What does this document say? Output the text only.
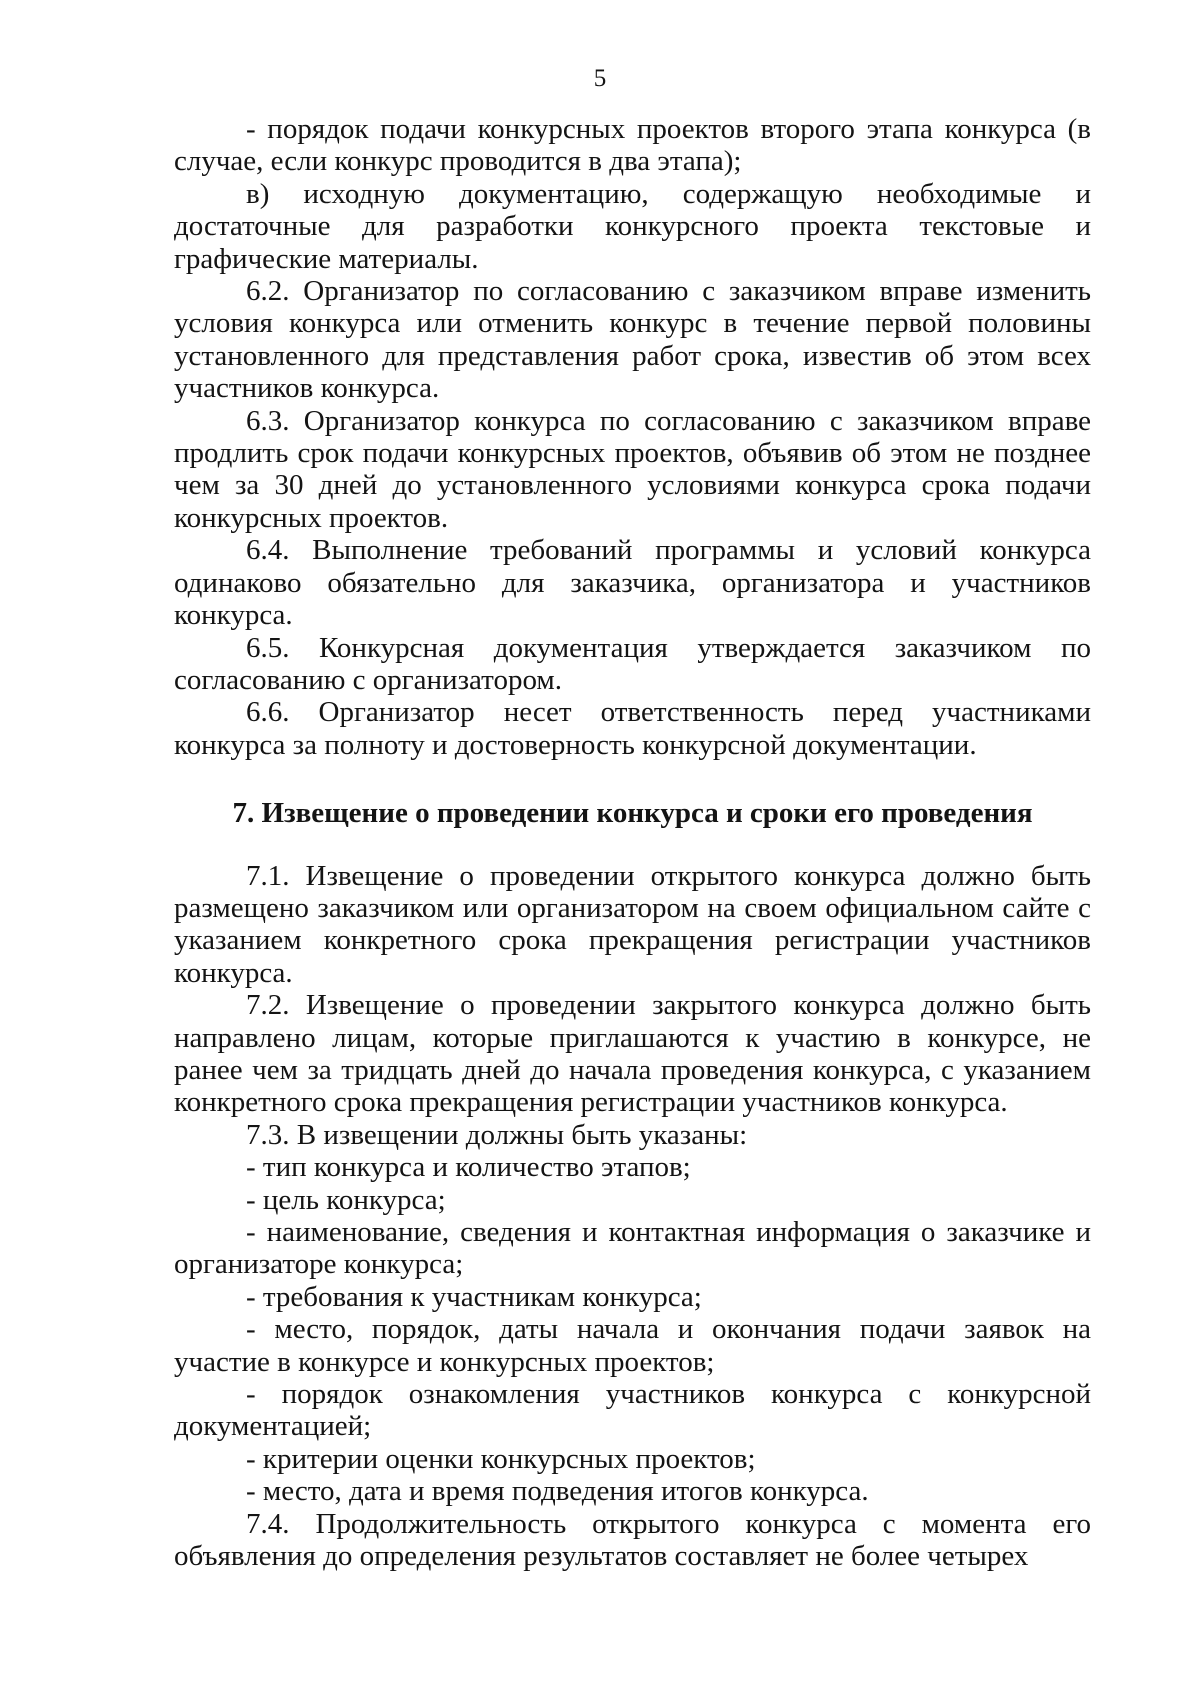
5

- порядок подачи конкурсных проектов второго этапа конкурса (в случае, если конкурс проводится в два этапа);

в) исходную документацию, содержащую необходимые и достаточные для разработки конкурсного проекта текстовые и графические материалы.

6.2. Организатор по согласованию с заказчиком вправе изменить условия конкурса или отменить конкурс в течение первой половины установленного для представления работ срока, известив об этом всех участников конкурса.

6.3. Организатор конкурса по согласованию с заказчиком вправе продлить срок подачи конкурсных проектов, объявив об этом не позднее чем за 30 дней до установленного условиями конкурса срока подачи конкурсных проектов.

6.4. Выполнение требований программы и условий конкурса одинаково обязательно для заказчика, организатора и участников конкурса.

6.5. Конкурсная документация утверждается заказчиком по согласованию с организатором.

6.6. Организатор несет ответственность перед участниками конкурса за полноту и достоверность конкурсной документации.

7. Извещение о проведении конкурса и сроки его проведения

7.1. Извещение о проведении открытого конкурса должно быть размещено заказчиком или организатором на своем официальном сайте с указанием конкретного срока прекращения регистрации участников конкурса.

7.2. Извещение о проведении закрытого конкурса должно быть направлено лицам, которые приглашаются к участию в конкурсе, не ранее чем за тридцать дней до начала проведения конкурса, с указанием конкретного срока прекращения регистрации участников конкурса.

7.3. В извещении должны быть указаны:

- тип конкурса и количество этапов;

- цель конкурса;

- наименование, сведения и контактная информация о заказчике и организаторе конкурса;

- требования к участникам конкурса;

- место, порядок, даты начала и окончания подачи заявок на участие в конкурсе и конкурсных проектов;

- порядок ознакомления участников конкурса с конкурсной документацией;

- критерии оценки конкурсных проектов;

- место, дата и время подведения итогов конкурса.

7.4. Продолжительность открытого конкурса с момента его объявления до определения результатов составляет не более четырех
